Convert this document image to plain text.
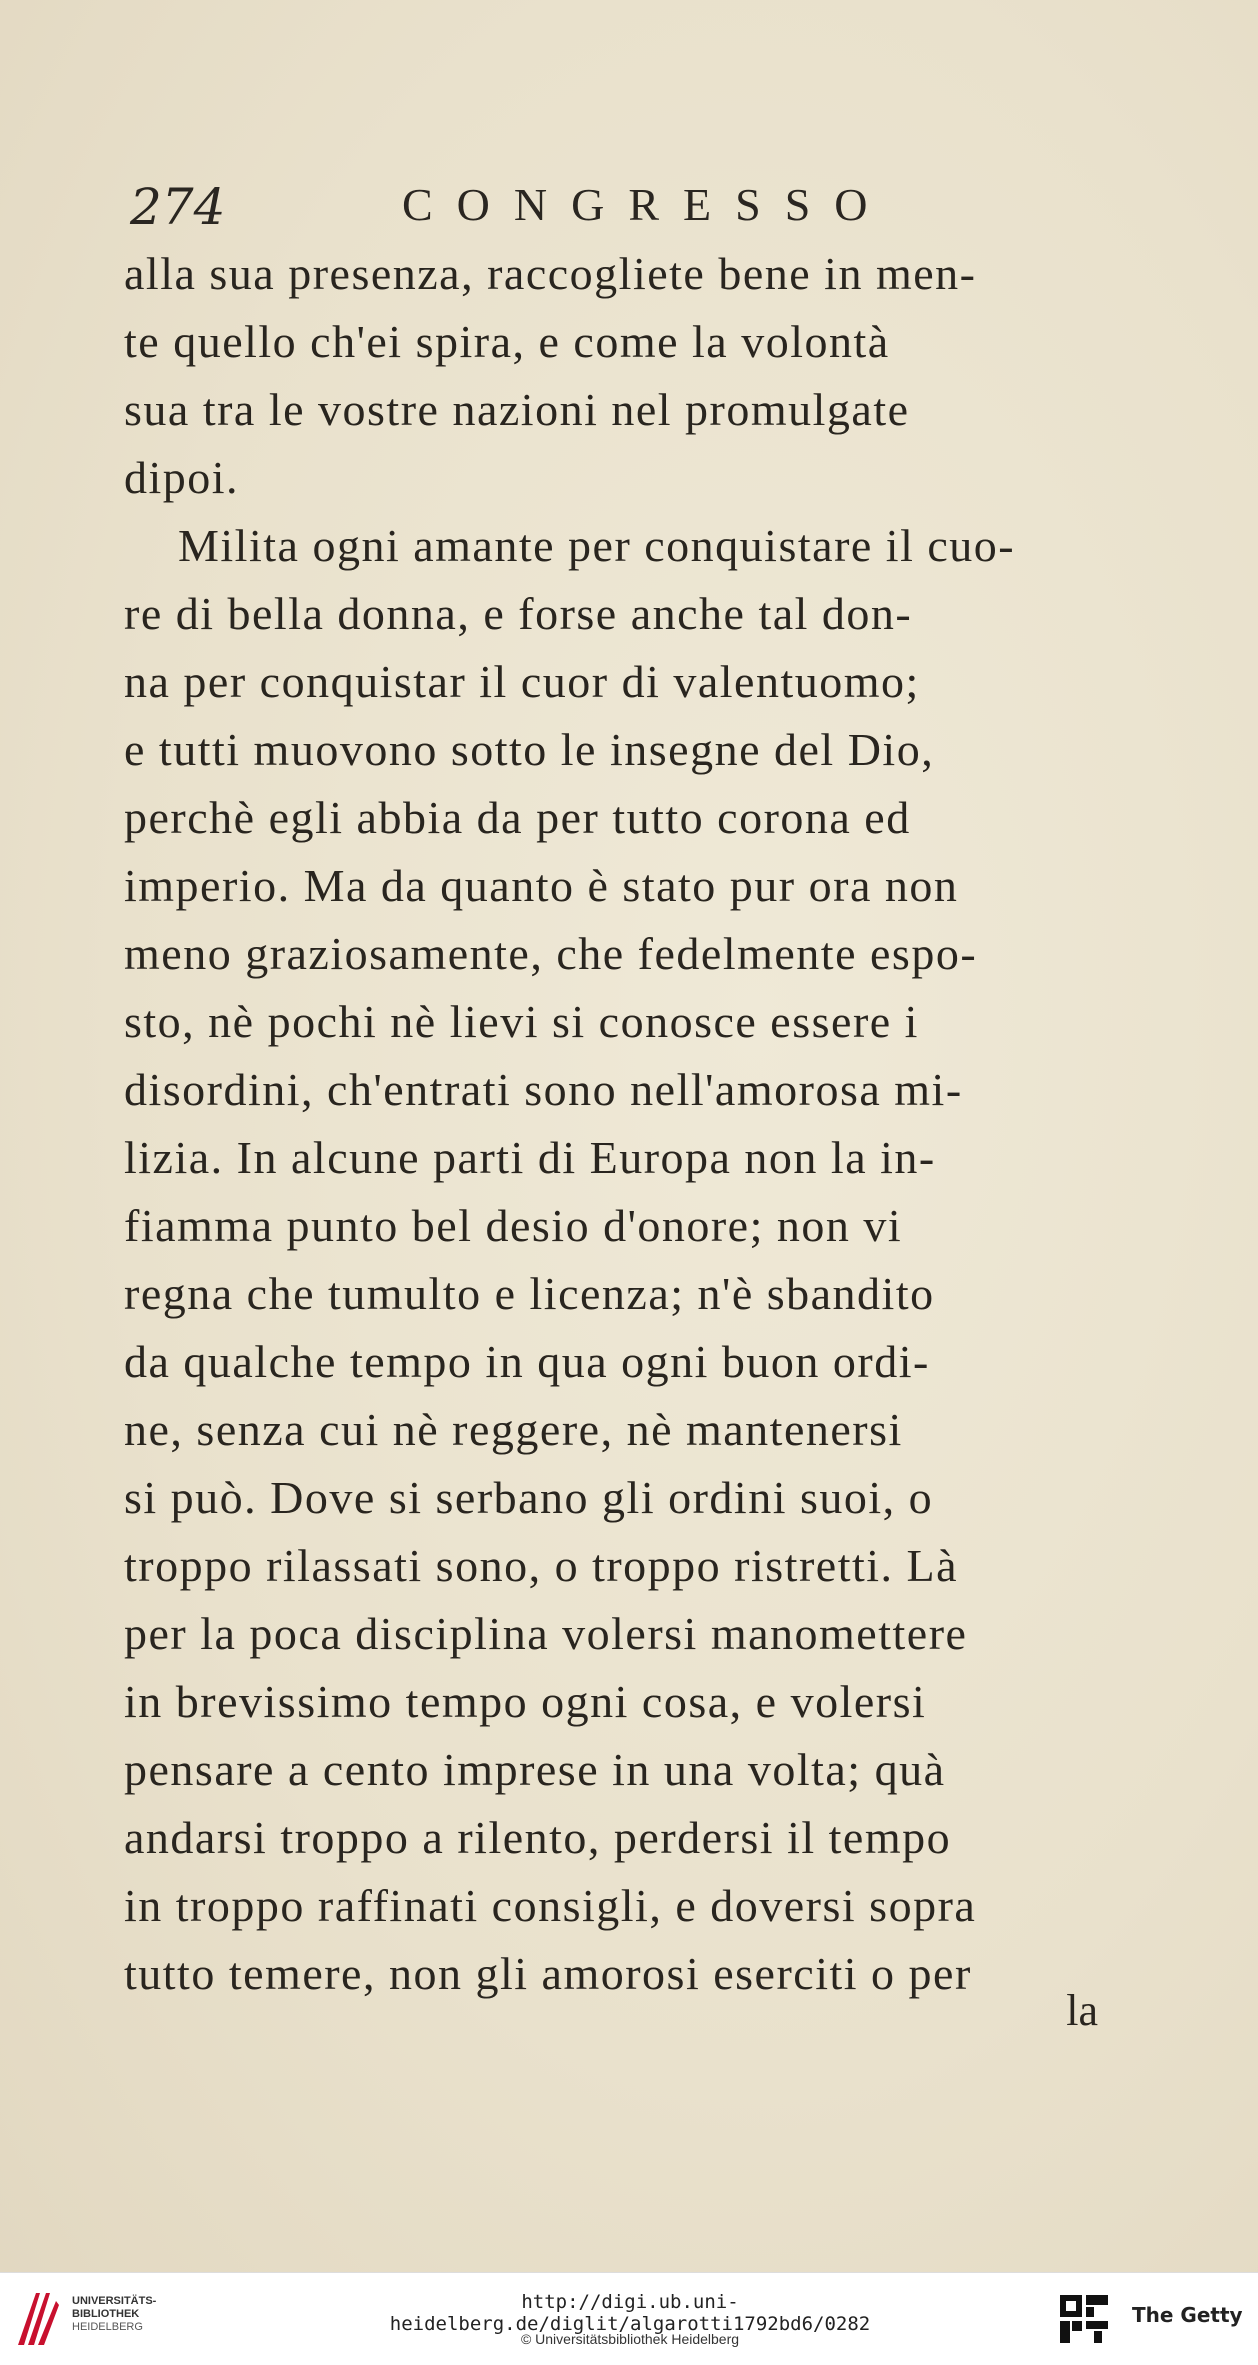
274	CONGRESSO
alla sua presenza, raccogliete bene in men-
te quello ch'ei spira, e come la volontà
sua tra le vostre nazioni nel promulgate
dipoi.
Milita ogni amante per conquistare il cuo-
re di bella donna, e forse anche tal don-
na per conquistar il cuor di valentuomo;
e tutti muovono sotto le insegne del Dio,
perchè egli abbia da per tutto corona ed
imperio. Ma da quanto è stato pur ora non
meno graziosamente, che fedelmente espo-
sto, nè pochi nè lievi si conosce essere i
disordini, ch'entrati sono nell'amorosa mi-
lizia. In alcune parti di Europa non la in-
fiamma punto bel desio d'onore; non vi
regna che tumulto e licenza; n'è sbandito
da qualche tempo in qua ogni buon ordi-
ne, senza cui nè reggere, nè mantenersi
si può. Dove si serbano gli ordini suoi, o
troppo rilassati sono, o troppo ristretti. Là
per la poca disciplina volersi manomettere
in brevissimo tempo ogni cosa, e volersi
pensare a cento imprese in una volta; quà
andarsi troppo a rilento, perdersi il tempo
in troppo raffinati consigli, e doversi sopra
tutto temere, non gli amorosi eserciti o per
la
UNIVERSITÄTS-
BIBLIOTHEK
HEIDELBERG
http://digi.ub.uni-heidelberg.de/diglit/algarotti1792bd6/0282
© Universitätsbibliothek Heidelberg
The Getty
